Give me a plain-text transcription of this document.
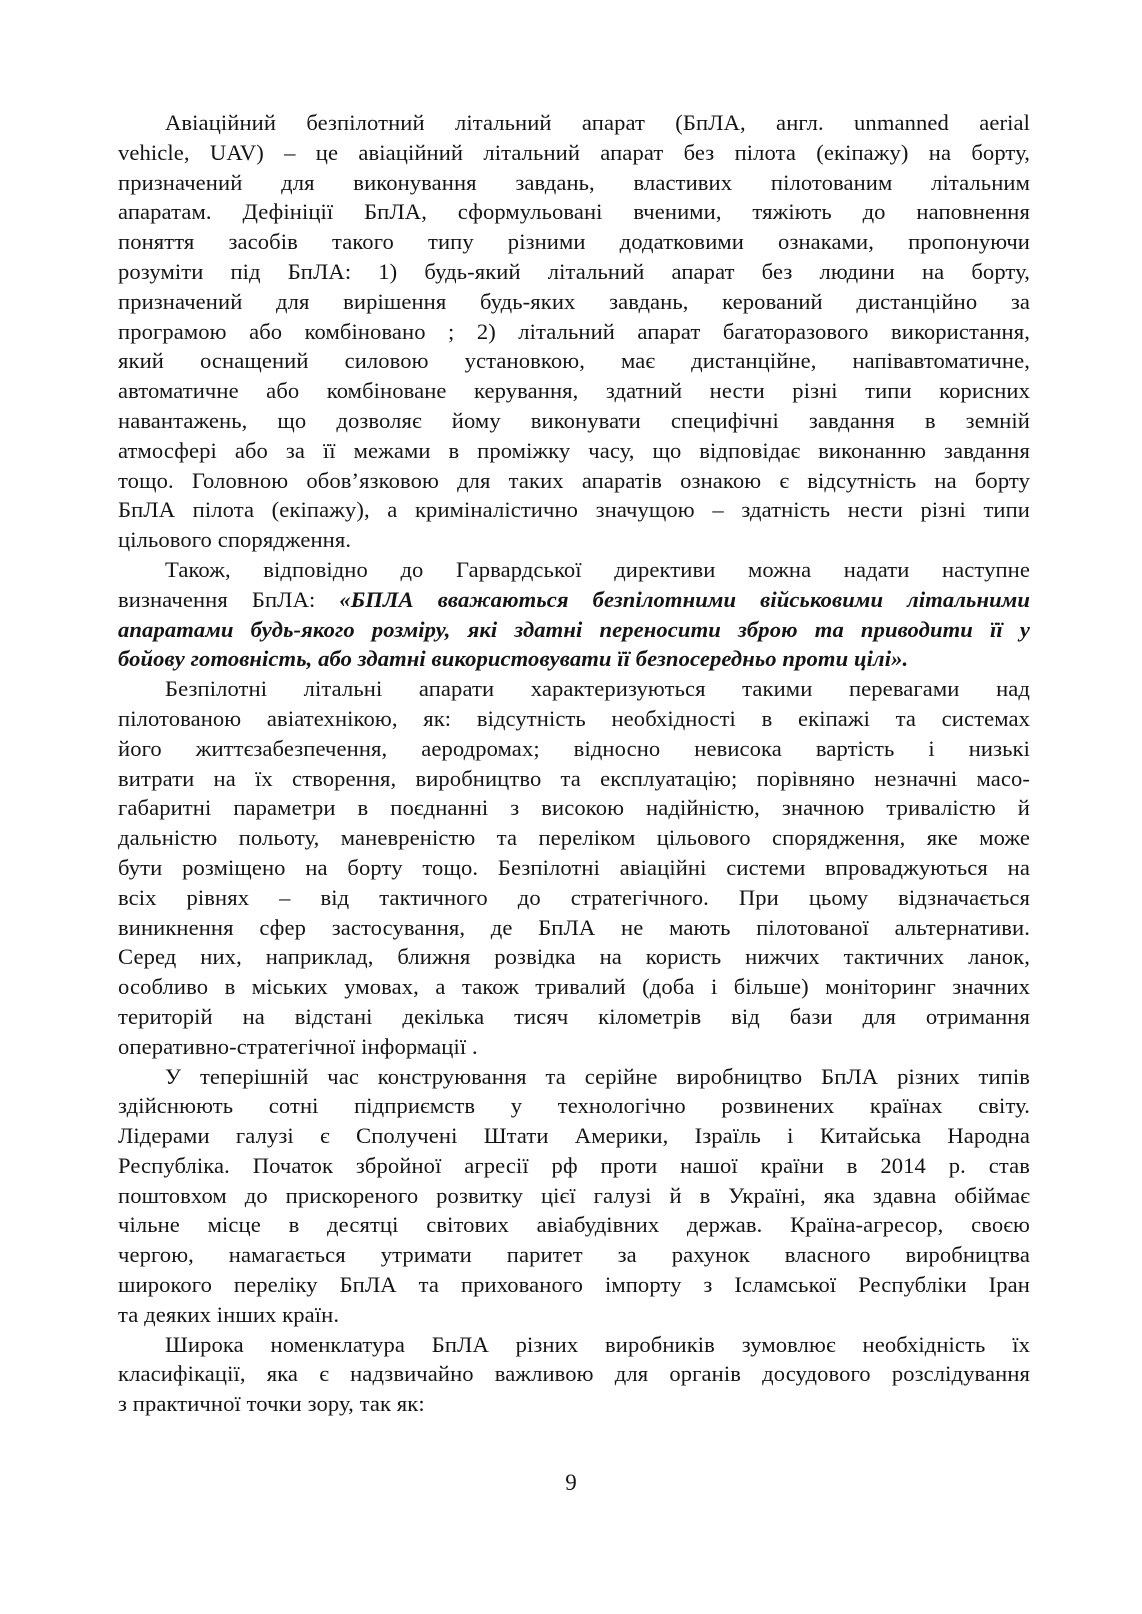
Авіаційний безпілотний літальний апарат (БпЛА, англ. unmanned aerial
vehicle, UAV) – це авіаційний літальний апарат без пілота (екіпажу) на борту,
призначений для виконування завдань, властивих пілотованим літальним
апаратам. Дефініції БпЛА, сформульовані вченими, тяжіють до наповнення
поняття засобів такого типу різними додатковими ознаками, пропонуючи
розуміти під БпЛА: 1) будь-який літальний апарат без людини на борту,
призначений для вирішення будь-яких завдань, керований дистанційно за
програмою або комбіновано ; 2) літальний апарат багаторазового використання,
який оснащений силовою установкою, має дистанційне, напівавтоматичне,
автоматичне або комбіноване керування, здатний нести різні типи корисних
навантажень, що дозволяє йому виконувати специфічні завдання в земній
атмосфері або за її межами в проміжку часу, що відповідає виконанню завдання
тощо. Головною обов’язковою для таких апаратів ознакою є відсутність на борту
БпЛА пілота (екіпажу), а криміналістично значущою – здатність нести різні типи
цільового спорядження.
Також, відповідно до Гарвардської директиви можна надати наступне
визначення БпЛА: «БПЛА вважаються безпілотними військовими літальними
апаратами будь-якого розміру, які здатні переносити зброю та приводити її у
бойову готовність, або здатні використовувати її безпосередньо проти цілі».
Безпілотні літальні апарати характеризуються такими перевагами над
пілотованою авіатехнікою, як: відсутність необхідності в екіпажі та системах
його життєзабезпечення, аеродромах; відносно невисока вартість і низькі
витрати на їх створення, виробництво та експлуатацію; порівняно незначні масо-
габаритні параметри в поєднанні з високою надійністю, значною тривалістю й
дальністю польоту, маневреністю та переліком цільового спорядження, яке може
бути розміщено на борту тощо. Безпілотні авіаційні системи впроваджуються на
всіх рівнях – від тактичного до стратегічного. При цьому відзначається
виникнення сфер застосування, де БпЛА не мають пілотованої альтернативи.
Серед них, наприклад, ближня розвідка на користь нижчих тактичних ланок,
особливо в міських умовах, а також тривалий (доба і більше) моніторинг значних
територій на відстані декілька тисяч кілометрів від бази для отримання
оперативно-стратегічної інформації .
У теперішній час конструювання та серійне виробництво БпЛА різних типів
здійснюють сотні підприємств у технологічно розвинених країнах світу.
Лідерами галузі є Сполучені Штати Америки, Ізраїль і Китайська Народна
Республіка. Початок збройної агресії рф проти нашої країни в 2014 р. став
поштовхом до прискореного розвитку цієї галузі й в Україні, яка здавна обіймає
чільне місце в десятці світових авіабудівних держав. Країна-агресор, своєю
чергою, намагається утримати паритет за рахунок власного виробництва
широкого переліку БпЛА та прихованого імпорту з Ісламської Республіки Іран
та деяких інших країн.
Широка номенклатура БпЛА різних виробників зумовлює необхідність їх
класифікації, яка є надзвичайно важливою для органів досудового розслідування
з практичної точки зору, так як:
9
